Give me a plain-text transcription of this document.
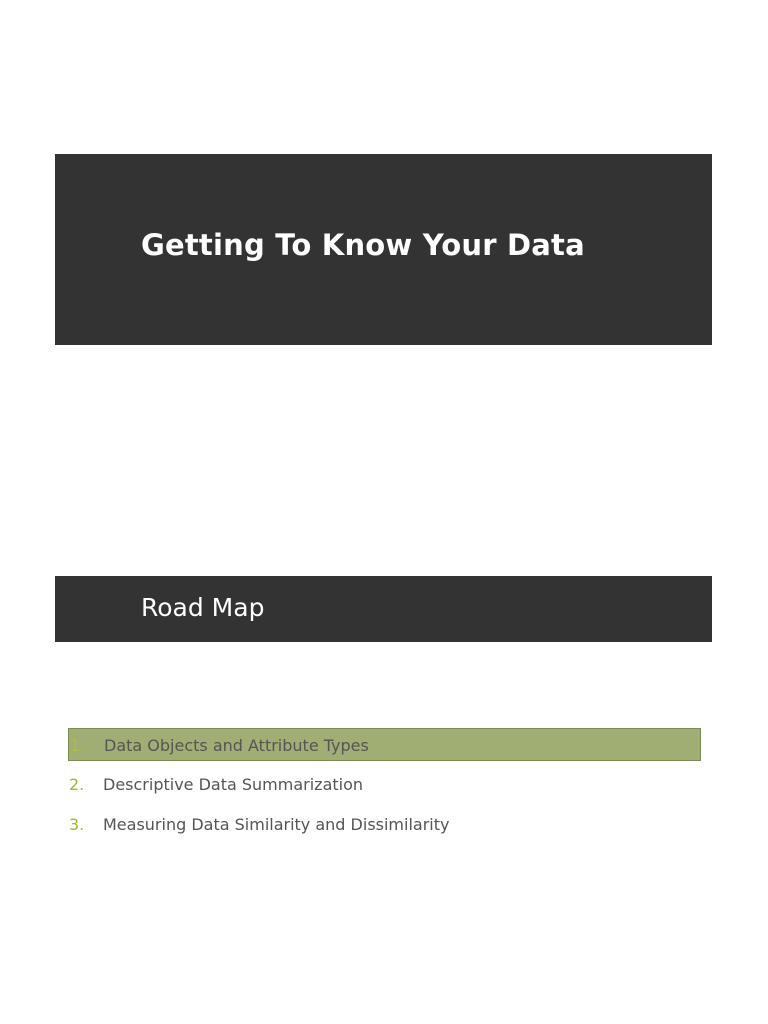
Getting To Know Your Data
Road Map
1. Data Objects and Attribute Types
2. Descriptive Data Summarization
3. Measuring Data Similarity and Dissimilarity
